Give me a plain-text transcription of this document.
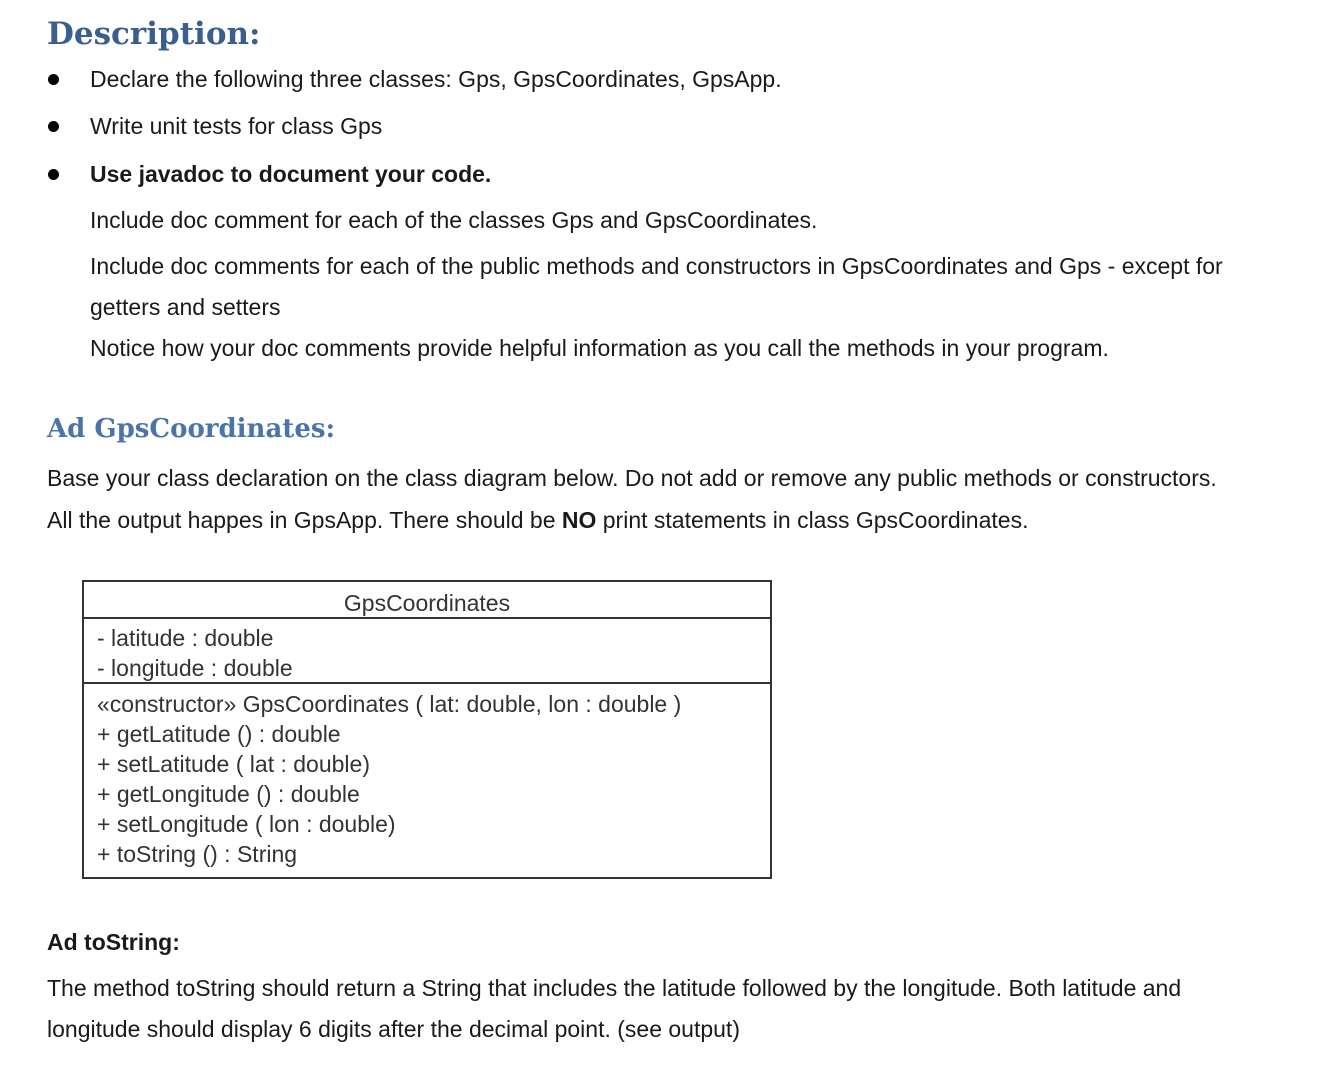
Description:

Declare the following three classes: Gps, GpsCoordinates, GpsApp.

Write unit tests for class Gps

Use javadoc to document your code.

Include doc comment for each of the classes Gps and GpsCoordinates.

Include doc comments for each of the public methods and constructors in GpsCoordinates and Gps - except for

getters and setters

Notice how your doc comments provide helpful information as you call the methods in your program.

Ad GpsCoordinates:

Base your class declaration on the class diagram below. Do not add or remove any public methods or constructors.

All the output happes in GpsApp. There should be NO print statements in class GpsCoordinates.

GpsCoordinates
- latitude : double
- longitude : double
«constructor» GpsCoordinates ( lat: double, lon : double )
+ getLatitude () : double
+ setLatitude ( lat : double)
+ getLongitude () : double
+ setLongitude ( lon : double)
+ toString () : String

Ad toString:

The method toString should return a String that includes the latitude followed by the longitude. Both latitude and

longitude should display 6 digits after the decimal point. (see output)
